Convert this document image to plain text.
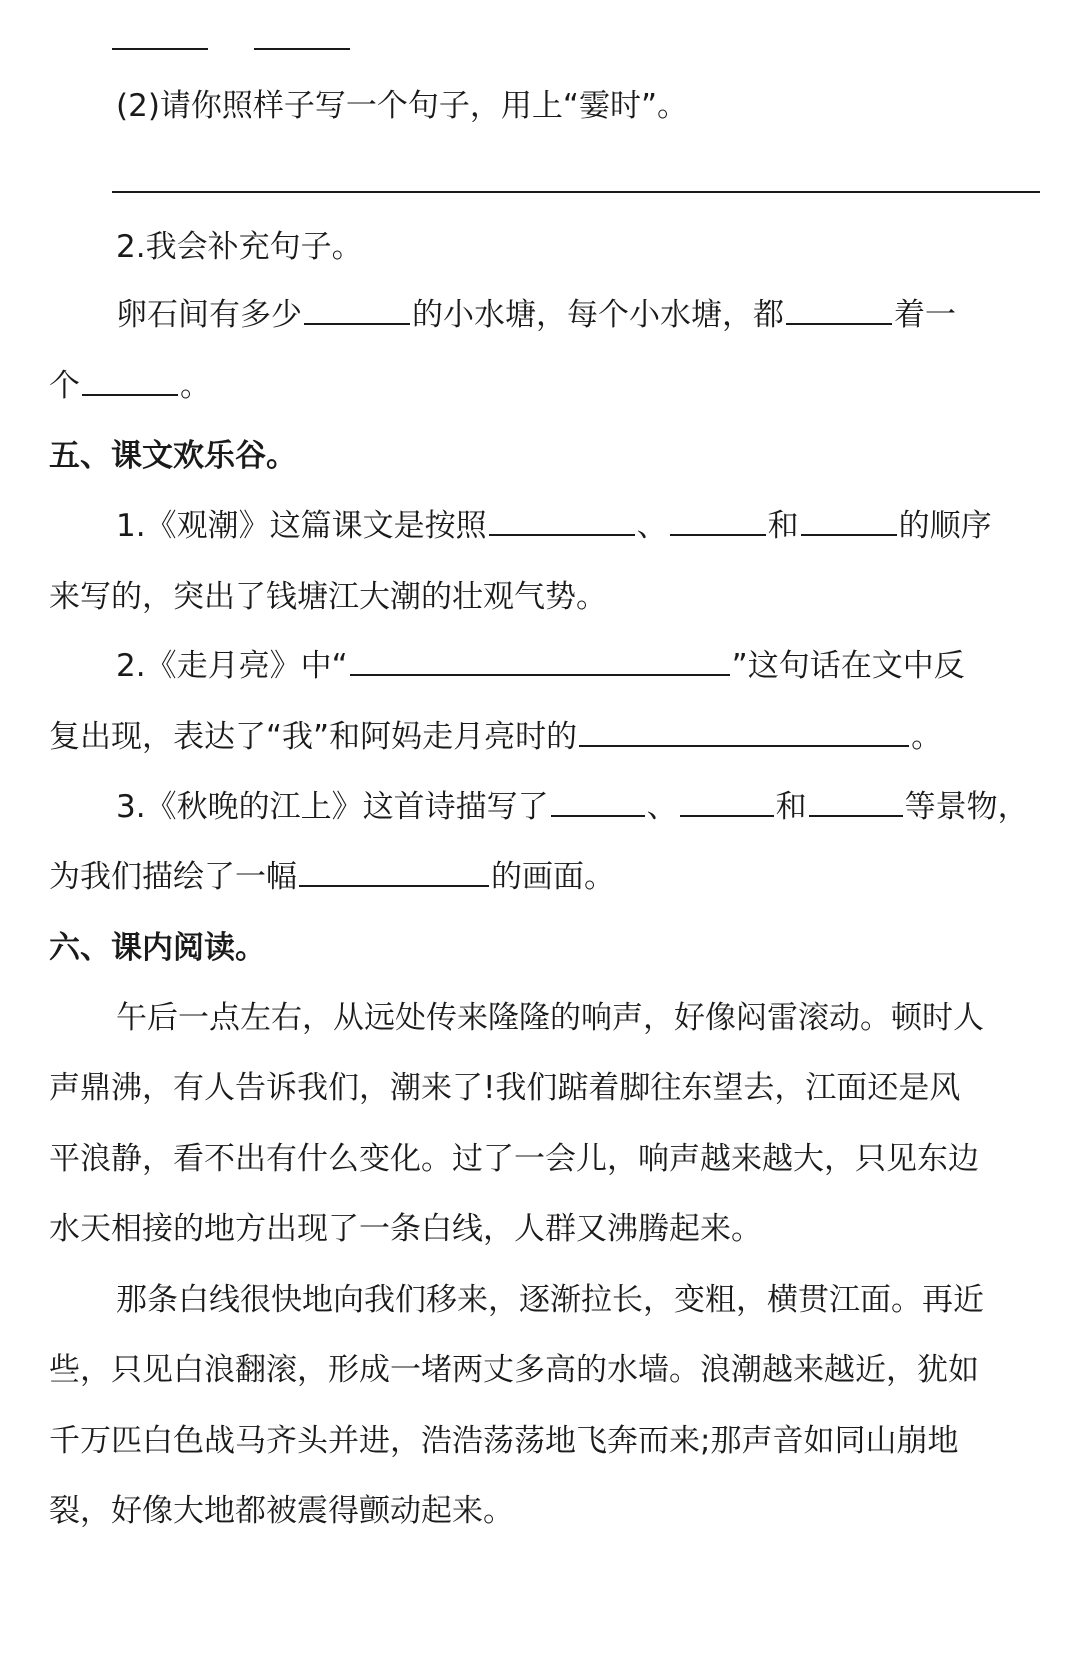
(2)请你照样子写一个句子，用上“霎时”。
2.我会补充句子。
卵石间有多少	的小水塘，每个小水塘，都	着一
个	。
五、课文欢乐谷。
1.《观潮》这篇课文是按照	、	和	的顺序
来写的，突出了钱塘江大潮的壮观气势。
2.《走月亮》中“	”这句话在文中反
复出现，表达了“我”和阿妈走月亮时的	。
3.《秋晚的江上》这首诗描写了	、	和	等景物，
为我们描绘了一幅	的画面。
六、课内阅读。
午后一点左右，从远处传来隆隆的响声，好像闷雷滚动。顿时人
声鼎沸，有人告诉我们，潮来了!我们踮着脚往东望去，江面还是风
平浪静，看不出有什么变化。过了一会儿，响声越来越大，只见东边
水天相接的地方出现了一条白线，人群又沸腾起来。
那条白线很快地向我们移来，逐渐拉长，变粗，横贯江面。再近
些，只见白浪翻滚，形成一堵两丈多高的水墙。浪潮越来越近，犹如
千万匹白色战马齐头并进，浩浩荡荡地飞奔而来;那声音如同山崩地
裂，好像大地都被震得颤动起来。
